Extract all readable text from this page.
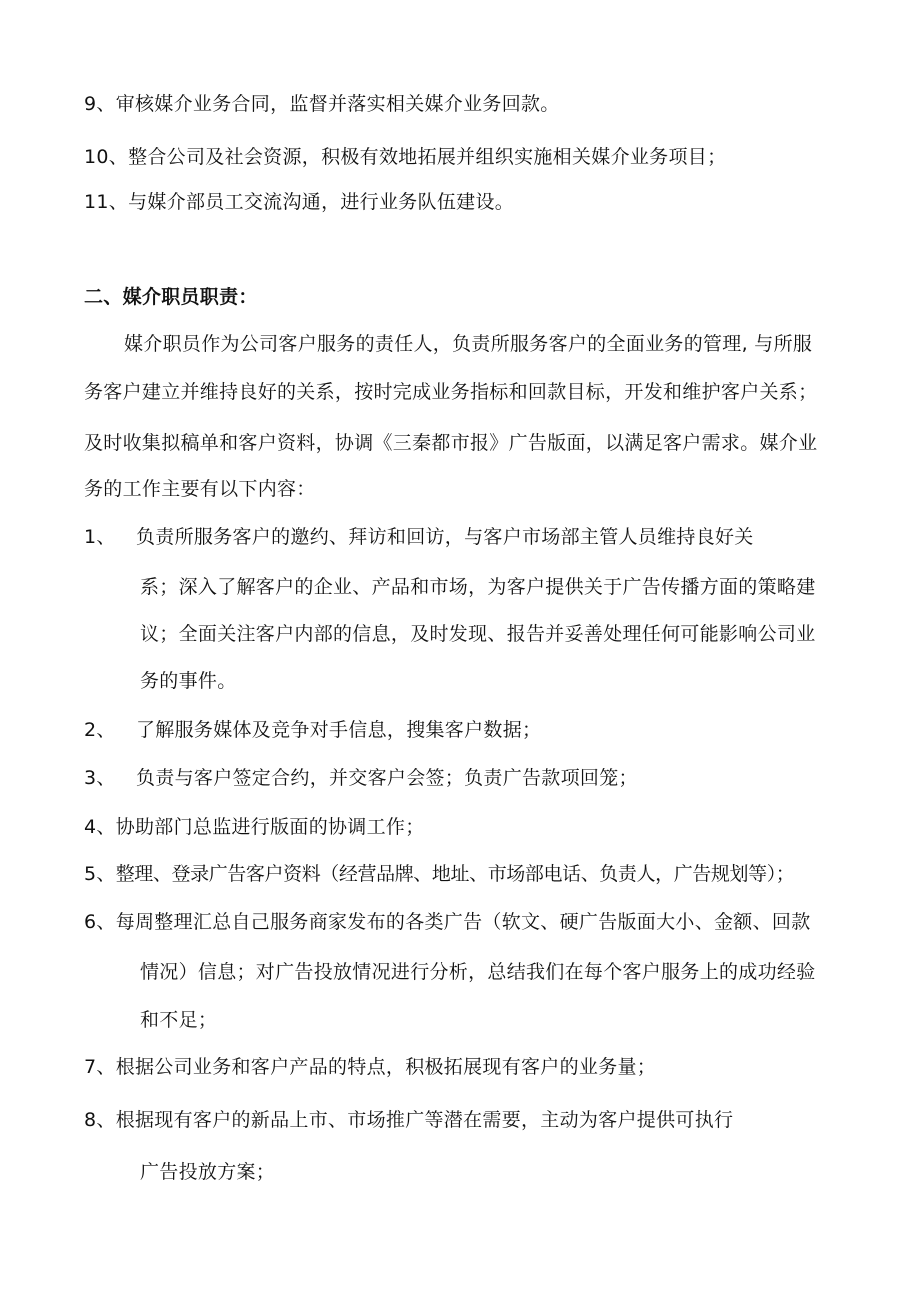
9、审核媒介业务合同，监督并落实相关媒介业务回款。
10、整合公司及社会资源，积极有效地拓展并组织实施相关媒介业务项目；
11、与媒介部员工交流沟通，进行业务队伍建设。
二、媒介职员职责：
媒介职员作为公司客户服务的责任人，负责所服务客户的全面业务的管理, 与所服
务客户建立并维持良好的关系，按时完成业务指标和回款目标，开发和维护客户关系；
及时收集拟稿单和客户资料，协调《三秦都市报》广告版面，以满足客户需求。媒介业
务的工作主要有以下内容：
1、 负责所服务客户的邀约、拜访和回访，与客户市场部主管人员维持良好关
系；深入了解客户的企业、产品和市场，为客户提供关于广告传播方面的策略建
议；全面关注客户内部的信息，及时发现、报告并妥善处理任何可能影响公司业
务的事件。
2、 了解服务媒体及竞争对手信息，搜集客户数据；
3、 负责与客户签定合约，并交客户会签；负责广告款项回笼；
4、协助部门总监进行版面的协调工作；
5、整理、登录广告客户资料（经营品牌、地址、市场部电话、负责人，广告规划等）；
6、每周整理汇总自己服务商家发布的各类广告（软文、硬广告版面大小、金额、回款
情况）信息；对广告投放情况进行分析，总结我们在每个客户服务上的成功经验
和不足；
7、根据公司业务和客户产品的特点，积极拓展现有客户的业务量；
8、根据现有客户的新品上市、市场推广等潜在需要，主动为客户提供可执行
广告投放方案；
